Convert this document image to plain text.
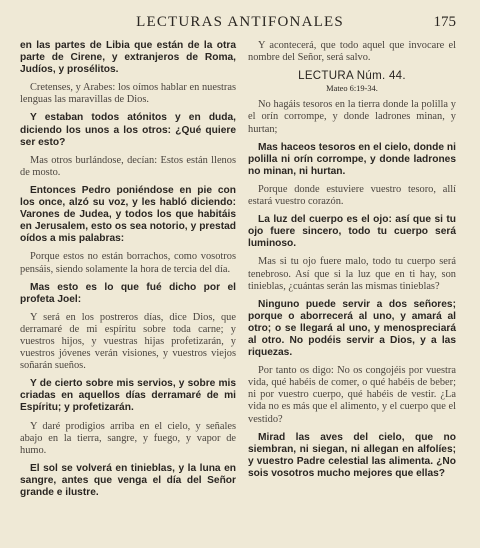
LECTURAS ANTIFONALES	175

en las partes de Libia que están de la otra parte de Cirene, y extranjeros de Roma, Judíos, y prosélitos.

Cretenses, y Arabes: los oímos hablar en nuestras lenguas las maravillas de Dios.

Y estaban todos atónitos y en duda, diciendo los unos a los otros: ¿Qué quiere ser esto?

Mas otros burlándose, decían: Estos están llenos de mosto.

Entonces Pedro poniéndose en pie con los once, alzó su voz, y les habló diciendo: Varones de Judea, y todos los que habitáis en Jerusalem, esto os sea notorio, y prestad oídos a mis palabras:

Porque estos no están borrachos, como vosotros pensáis, siendo solamente la hora de tercia del día.

Mas esto es lo que fué dicho por el profeta Joel:

Y será en los postreros días, dice Dios, que derramaré de mi espíritu sobre toda carne; y vuestros hijos, y vuestras hijas profetizarán, y vuestros jóvenes verán visiones, y vuestros viejos soñarán sueños.

Y de cierto sobre mis servios, y sobre mis criadas en aquellos días derramaré de mi Espíritu; y profetizarán.

Y daré prodigios arriba en el cielo, y señales abajo en la tierra, sangre, y fuego, y vapor de humo.

El sol se volverá en tinieblas, y la luna en sangre, antes que venga el día del Señor grande e ilustre.

Y acontecerá, que todo aquel que invocare el nombre del Señor, será salvo.

LECTURA Núm. 44.
Mateo 6:19-34.

No hagáis tesoros en la tierra donde la polilla y el orín corrompe, y donde ladrones minan, y hurtan;

Mas haceos tesoros en el cielo, donde ni polilla ni orín corrompe, y donde ladrones no minan, ni hurtan.

Porque donde estuviere vuestro tesoro, allí estará vuestro corazón.

La luz del cuerpo es el ojo: así que si tu ojo fuere sincero, todo tu cuerpo será luminoso.

Mas si tu ojo fuere malo, todo tu cuerpo será tenebroso. Así que si la luz que en ti hay, son tinieblas, ¿cuántas serán las mismas tinieblas?

Ninguno puede servir a dos señores; porque o aborrecerá al uno, y amará al otro; o se llegará al uno, y menospreciará al otro. No podéis servir a Dios, y a las riquezas.

Por tanto os digo: No os congojéis por vuestra vida, qué habéis de comer, o qué habéis de beber; ni por vuestro cuerpo, qué habéis de vestir. ¿La vida no es más que el alimento, y el cuerpo que el vestido?

Mirad las aves del cielo, que no siembran, ni siegan, ni allegan en alfolíes; y vuestro Padre celestial las alimenta. ¿No sois vosotros mucho mejores que ellas?
